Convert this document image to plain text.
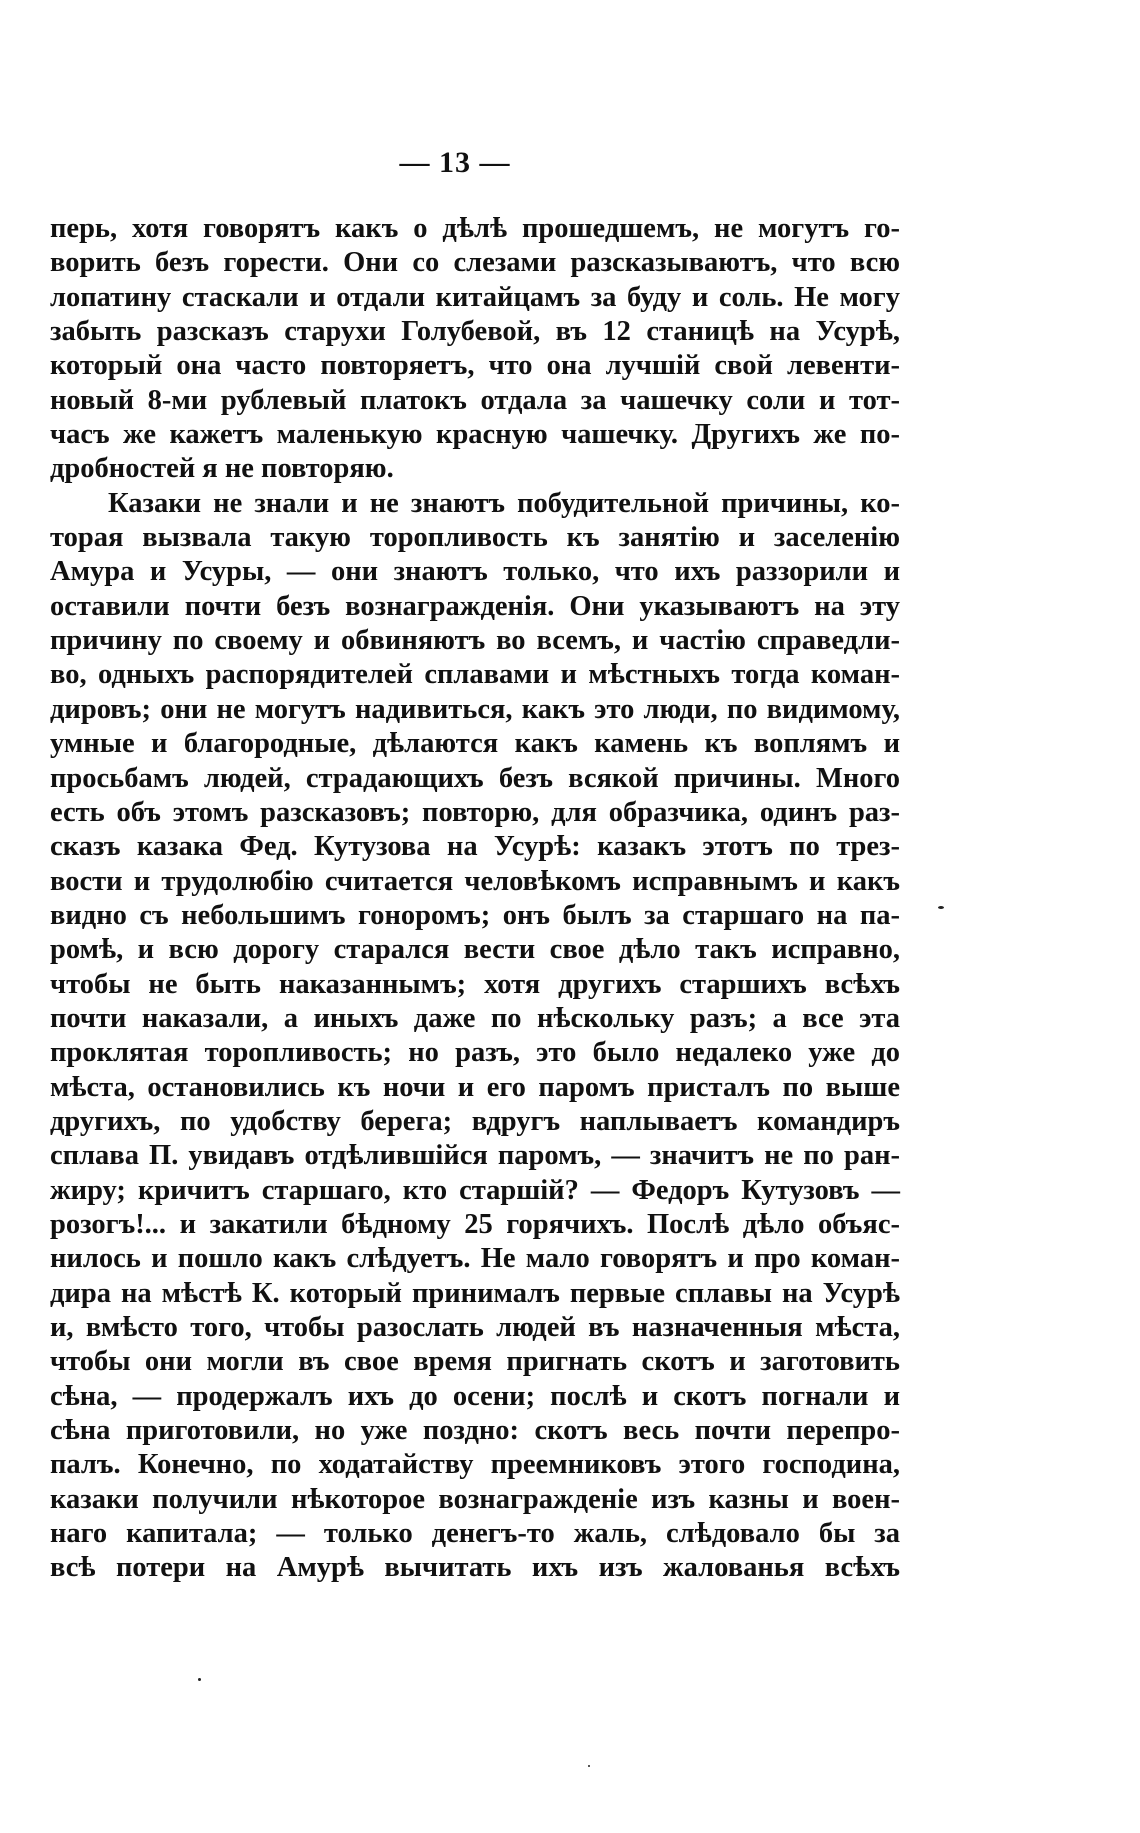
— 13 —
перь, хотя говорятъ какъ о дѣлѣ прошедшемъ, не могутъ го-
ворить безъ горести. Они со слезами разсказываютъ, что всю
лопатину стаскали и отдали китайцамъ за буду и соль. Не могу
забыть разсказъ старухи Голубевой, въ 12 станицѣ на Усурѣ,
который она часто повторяетъ, что она лучшій свой левенти-
новый 8-ми рублевый платокъ отдала за чашечку соли и тот-
часъ же кажетъ маленькую красную чашечку. Другихъ же по-
дробностей я не повторяю.
Казаки не знали и не знаютъ побудительной причины, ко-
торая вызвала такую торопливость къ занятію и заселенію
Амура и Усуры, — они знаютъ только, что ихъ раззорили и
оставили почти безъ вознагражденія. Они указываютъ на эту
причину по своему и обвиняютъ во всемъ, и частію справедли-
во, одныхъ распорядителей сплавами и мѣстныхъ тогда коман-
дировъ; они не могутъ надивиться, какъ это люди, по видимому,
умные и благородные, дѣлаются какъ камень къ воплямъ и
просьбамъ людей, страдающихъ безъ всякой причины. Много
есть объ этомъ разсказовъ; повторю, для образчика, одинъ раз-
сказъ казака Фед. Кутузова на Усурѣ: казакъ этотъ по трез-
вости и трудолюбію считается человѣкомъ исправнымъ и какъ
видно съ небольшимъ гоноромъ; онъ былъ за старшаго на па-
ромѣ, и всю дорогу старался вести свое дѣло такъ исправно,
чтобы не быть наказаннымъ; хотя другихъ старшихъ всѣхъ
почти наказали, а иныхъ даже по нѣскольку разъ; а все эта
проклятая торопливость; но разъ, это было недалеко уже до
мѣста, остановились къ ночи и его паромъ присталъ по выше
другихъ, по удобству берега; вдругъ наплываетъ командиръ
сплава П. увидавъ отдѣлившійся паромъ, — значитъ не по ран-
жиру; кричитъ старшаго, кто старшій? — Федоръ Кутузовъ —
розогъ!... и закатили бѣдному 25 горячихъ. Послѣ дѣло объяс-
нилось и пошло какъ слѣдуетъ. Не мало говорятъ и про коман-
дира на мѣстѣ К. который принималъ первые сплавы на Усурѣ
и, вмѣсто того, чтобы разослать людей въ назначенныя мѣста,
чтобы они могли въ свое время пригнать скотъ и заготовить
сѣна, — продержалъ ихъ до осени; послѣ и скотъ погнали и
сѣна приготовили, но уже поздно: скотъ весь почти перепро-
палъ. Конечно, по ходатайству преемниковъ этого господина,
казаки получили нѣкоторое вознагражденіе изъ казны и воен-
наго капитала; — только денегъ-то жаль, слѣдовало бы за
всѣ потери на Амурѣ вычитать ихъ изъ жалованья всѣхъ
